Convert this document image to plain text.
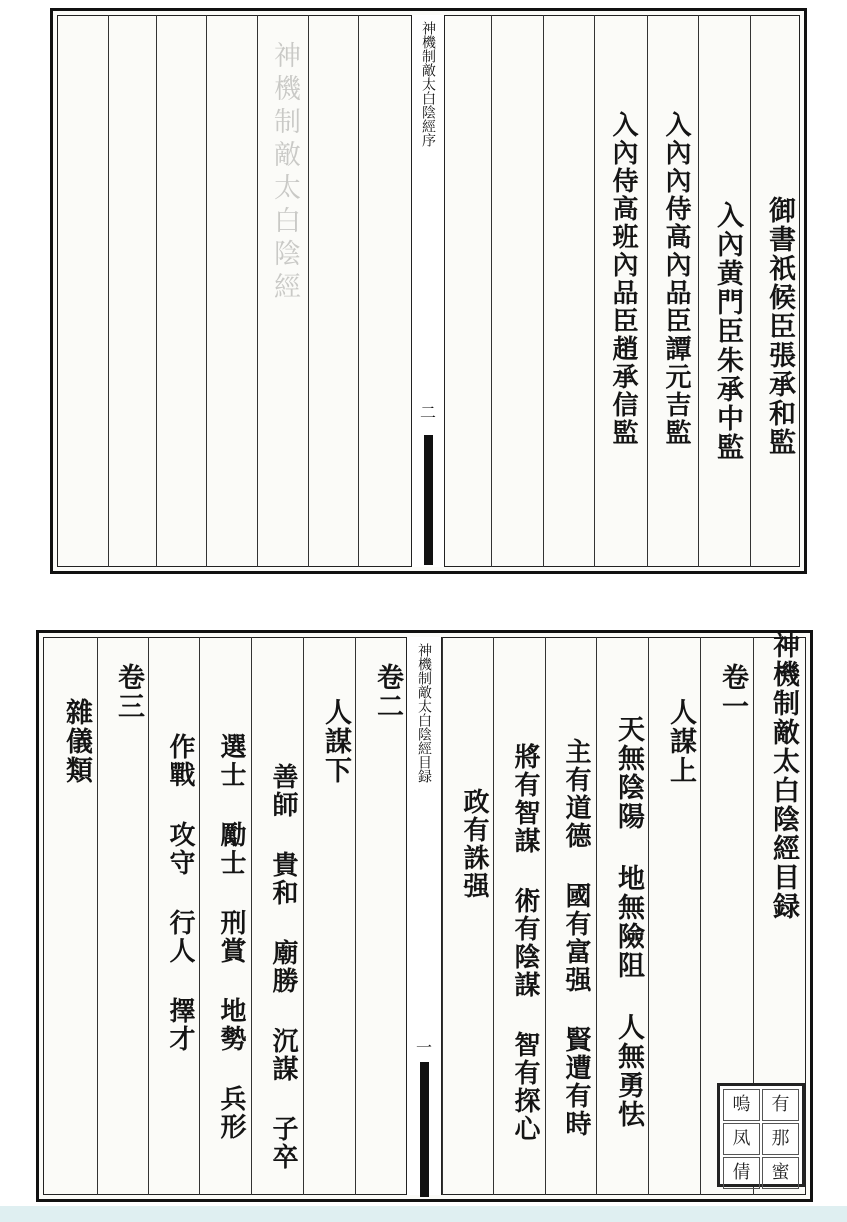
神機制敵太白陰經	神機制敵太白陰經序
二	御書祇候臣張承和監
入內黄門臣朱承中監
入內內侍高內品臣譚元吉監
入內侍高班內品臣趙承信監
神機制敵太白陰經目録
一
神機制敵太白陰經目録
卷一
人謀上
天無陰陽 地無險阻 人無勇怯
主有道德 國有富强 賢遭有時
將有智謀 術有陰謀 智有探心
政有誅强
卷二
人謀下
善師 貴和 廟勝 沉謀 子卒
選士 勵士 刑賞 地勢 兵形
作戰 攻守 行人 擇才
卷三
雜儀類
嗚	有
凤	那
倩	蜜
